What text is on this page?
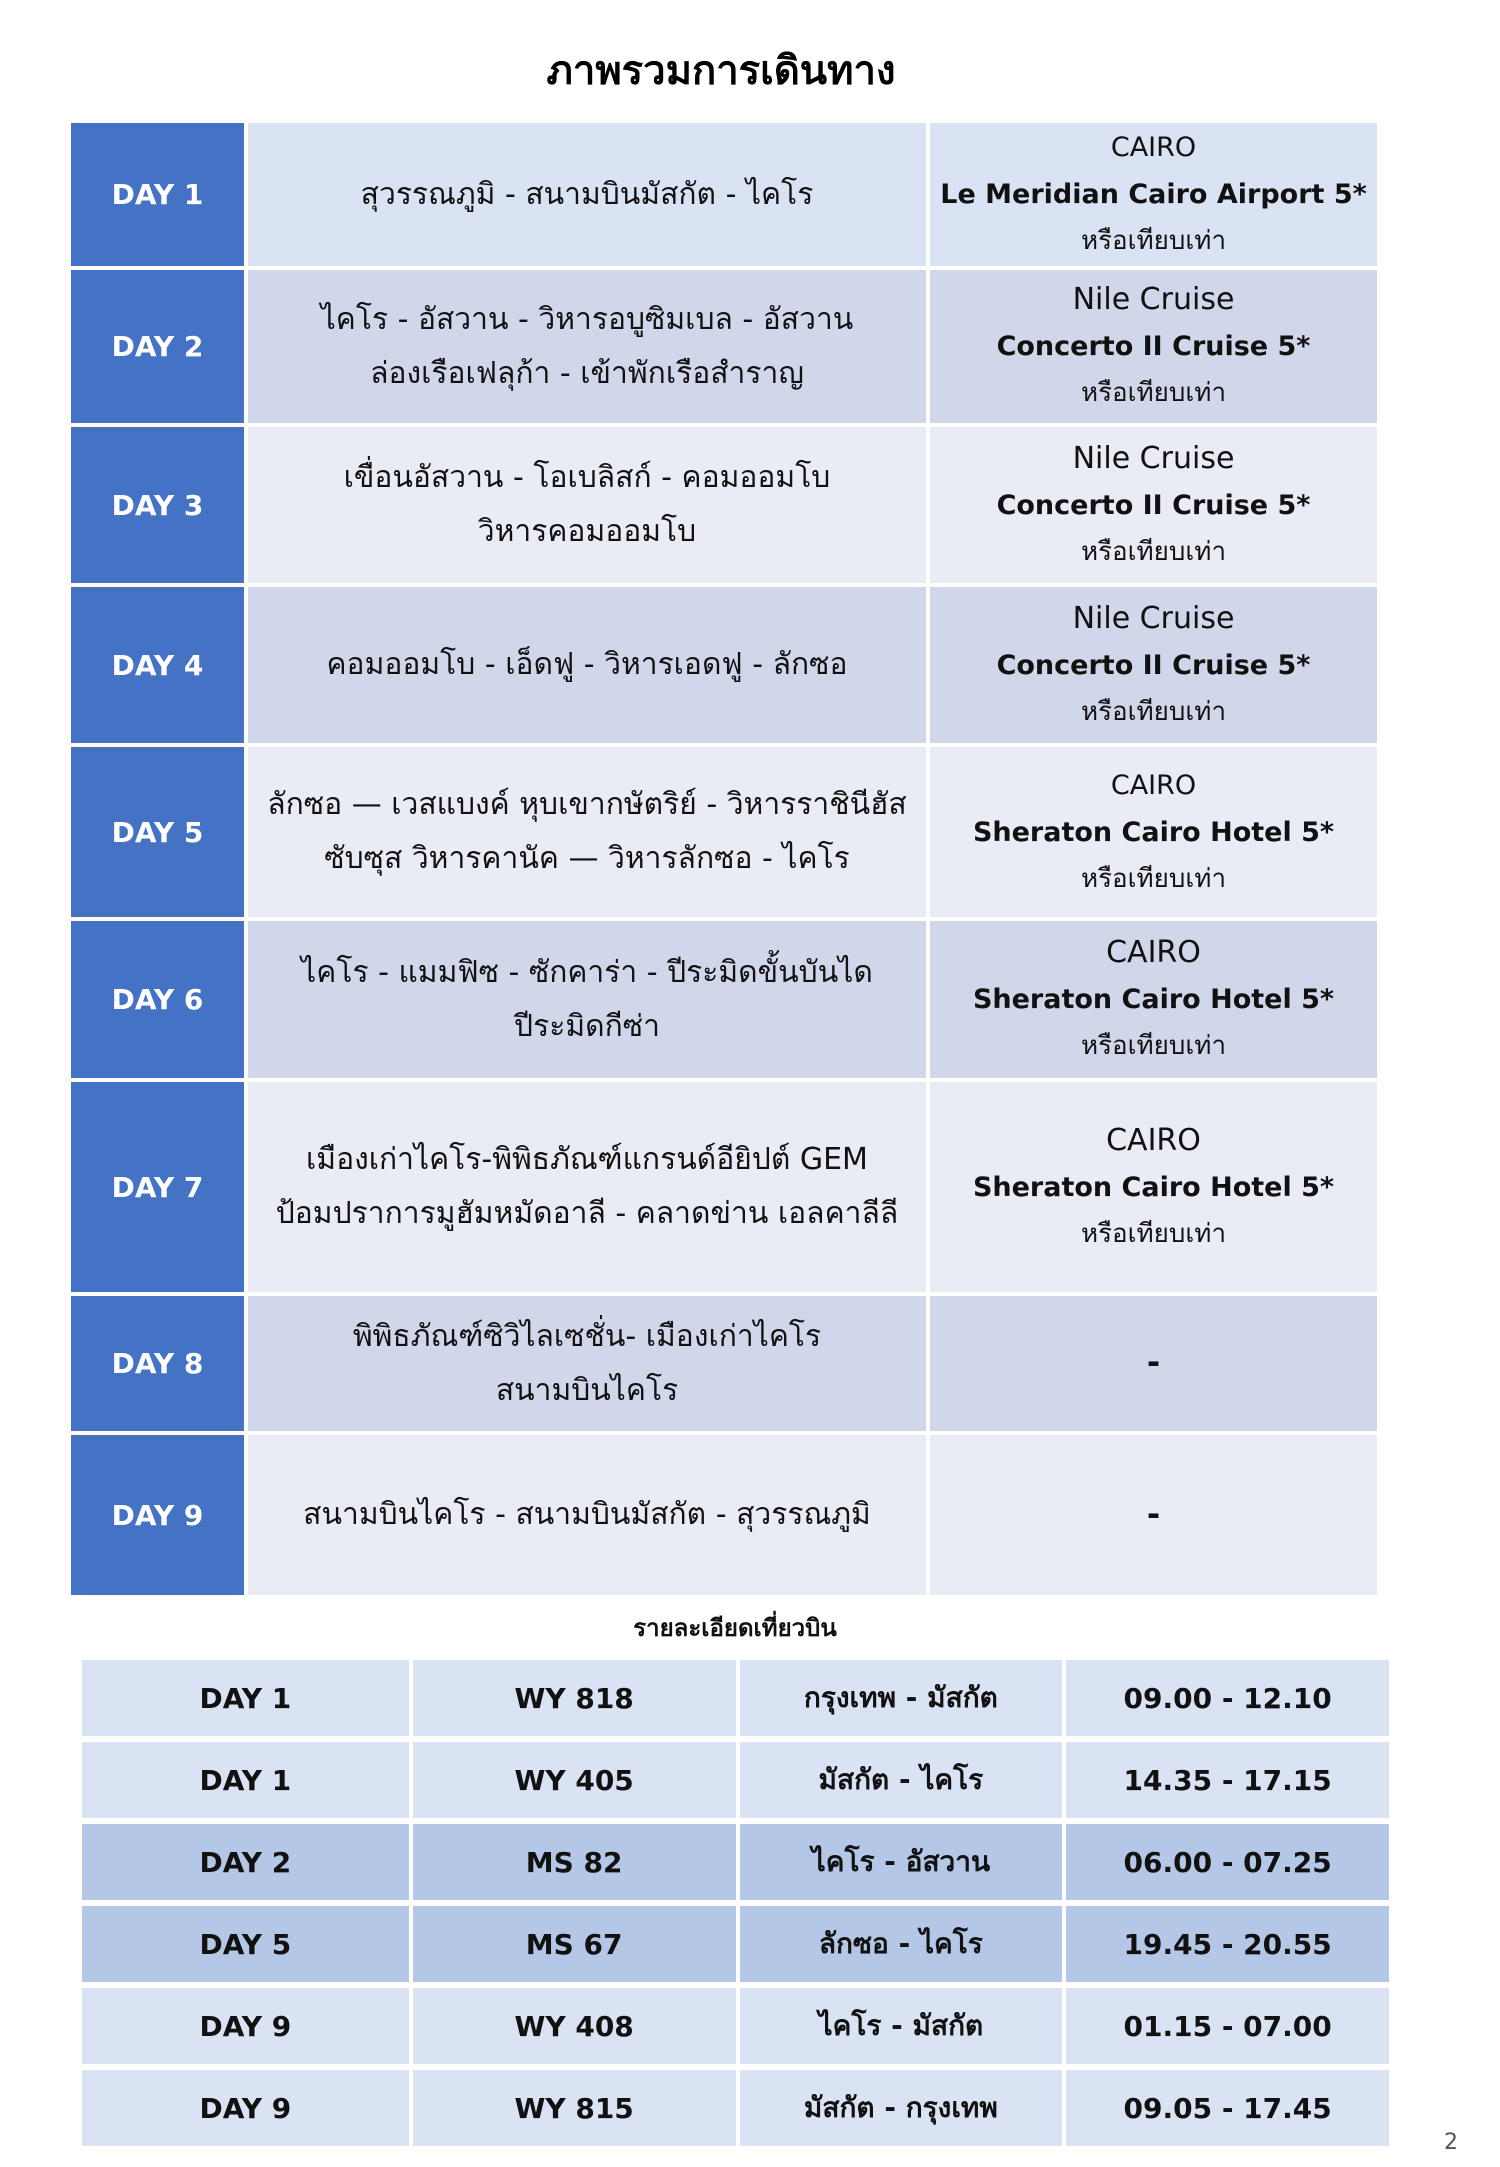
ภาพรวมการเดินทาง
DAY 1	สุวรรณภูมิ - สนามบินมัสกัต - ไคโร	CAIRO
Le Meridian Cairo Airport 5*
หรือเทียบเท่า

DAY 2	ไคโร - อัสวาน - วิหารอบูซิมเบล - อัสวาน
ล่องเรือเฟลุก้า - เข้าพักเรือสำราญ	Nile Cruise
Concerto II Cruise 5*
หรือเทียบเท่า

DAY 3	เขื่อนอัสวาน - โอเบลิสก์ - คอมออมโบ
วิหารคอมออมโบ	Nile Cruise
Concerto II Cruise 5*
หรือเทียบเท่า

DAY 4	คอมออมโบ - เอ็ดฟู - วิหารเอดฟู - ลักซอ	Nile Cruise
Concerto II Cruise 5*
หรือเทียบเท่า

DAY 5	ลักซอ — เวสแบงค์ หุบเขากษัตริย์ - วิหารราชินีฮัส
ซับซุส วิหารคานัค — วิหารลักซอ - ไคโร	CAIRO
Sheraton Cairo Hotel 5*
หรือเทียบเท่า

DAY 6	ไคโร - แมมฟิซ - ซักคาร่า - ปีระมิดขั้นบันได
ปีระมิดกีซ่า	CAIRO
Sheraton Cairo Hotel 5*
หรือเทียบเท่า

DAY 7	เมืองเก่าไคโร-พิพิธภัณฑ์แกรนด์อียิปต์ GEM
ป้อมปราการมูฮัมหมัดอาลี - คลาดข่าน เอลคาลีลี	CAIRO
Sheraton Cairo Hotel 5*
หรือเทียบเท่า

DAY 8	พิพิธภัณฑ์ซิวิไลเซชั่น- เมืองเก่าไคโร
สนามบินไคโร	-
DAY 9	สนามบินไคโร - สนามบินมัสกัต - สุวรรณภูมิ	-
รายละเอียดเที่ยวบิน
DAY 1	WY 818	กรุงเทพ - มัสกัต	09.00 - 12.10
DAY 1	WY 405	มัสกัต - ไคโร	14.35 - 17.15
DAY 2	MS 82	ไคโร - อัสวาน	06.00 - 07.25
DAY 5	MS 67	ลักซอ - ไคโร	19.45 - 20.55
DAY 9	WY 408	ไคโร - มัสกัต	01.15 - 07.00
DAY 9	WY 815	มัสกัต - กรุงเทพ	09.05 - 17.45
2
